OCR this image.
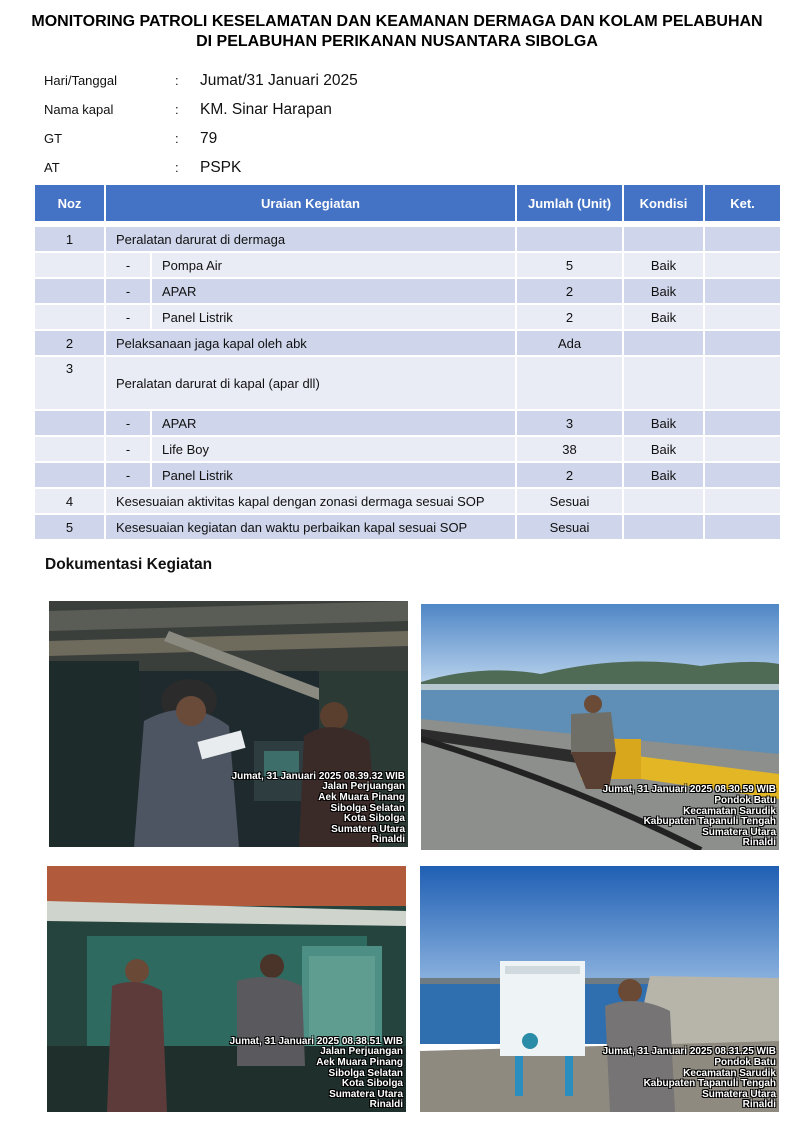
MONITORING PATROLI KESELAMATAN DAN KEAMANAN DERMAGA DAN KOLAM PELABUHAN
DI PELABUHAN PERIKANAN NUSANTARA SIBOLGA
Hari/Tanggal	:	Jumat/31 Januari 2025
Nama kapal	:	KM. Sinar Harapan
GT	:	79
AT	:	PSPK
Noz	Uraian Kegiatan		Jumlah (Unit)	Kondisi	Ket.
1	Peralatan darurat di dermaga				
	-	Pompa Air	5	Baik	
	-	APAR	2	Baik	
	-	Panel Listrik	2	Baik	
2	Pelaksanaan jaga kapal oleh abk		Ada		
3	Peralatan darurat di kapal (apar dll)				
	-	APAR	3	Baik	
	-	Life Boy	38	Baik	
	-	Panel Listrik	2	Baik	
4	Kesesuaian aktivitas kapal dengan zonasi dermaga sesuai SOP		Sesuai		
5	Kesesuaian kegiatan dan waktu perbaikan kapal sesuai SOP		Sesuai		
Dokumentasi Kegiatan
Jumat, 31 Januari 2025 08.39.32 WIB
Jalan Perjuangan
Aek Muara Pinang
Sibolga Selatan
Kota Sibolga
Sumatera Utara
Rinaldi
Jumat, 31 Januari 2025 08.30.59 WIB
Pondok Batu
Kecamatan Sarudik
Kabupaten Tapanuli Tengah
Sumatera Utara
Rinaldi
Jumat, 31 Januari 2025 08.38.51 WIB
Jalan Perjuangan
Aek Muara Pinang
Sibolga Selatan
Kota Sibolga
Sumatera Utara
Rinaldi
Jumat, 31 Januari 2025 08.31.25 WIB
Pondok Batu
Kecamatan Sarudik
Kabupaten Tapanuli Tengah
Sumatera Utara
Rinaldi
